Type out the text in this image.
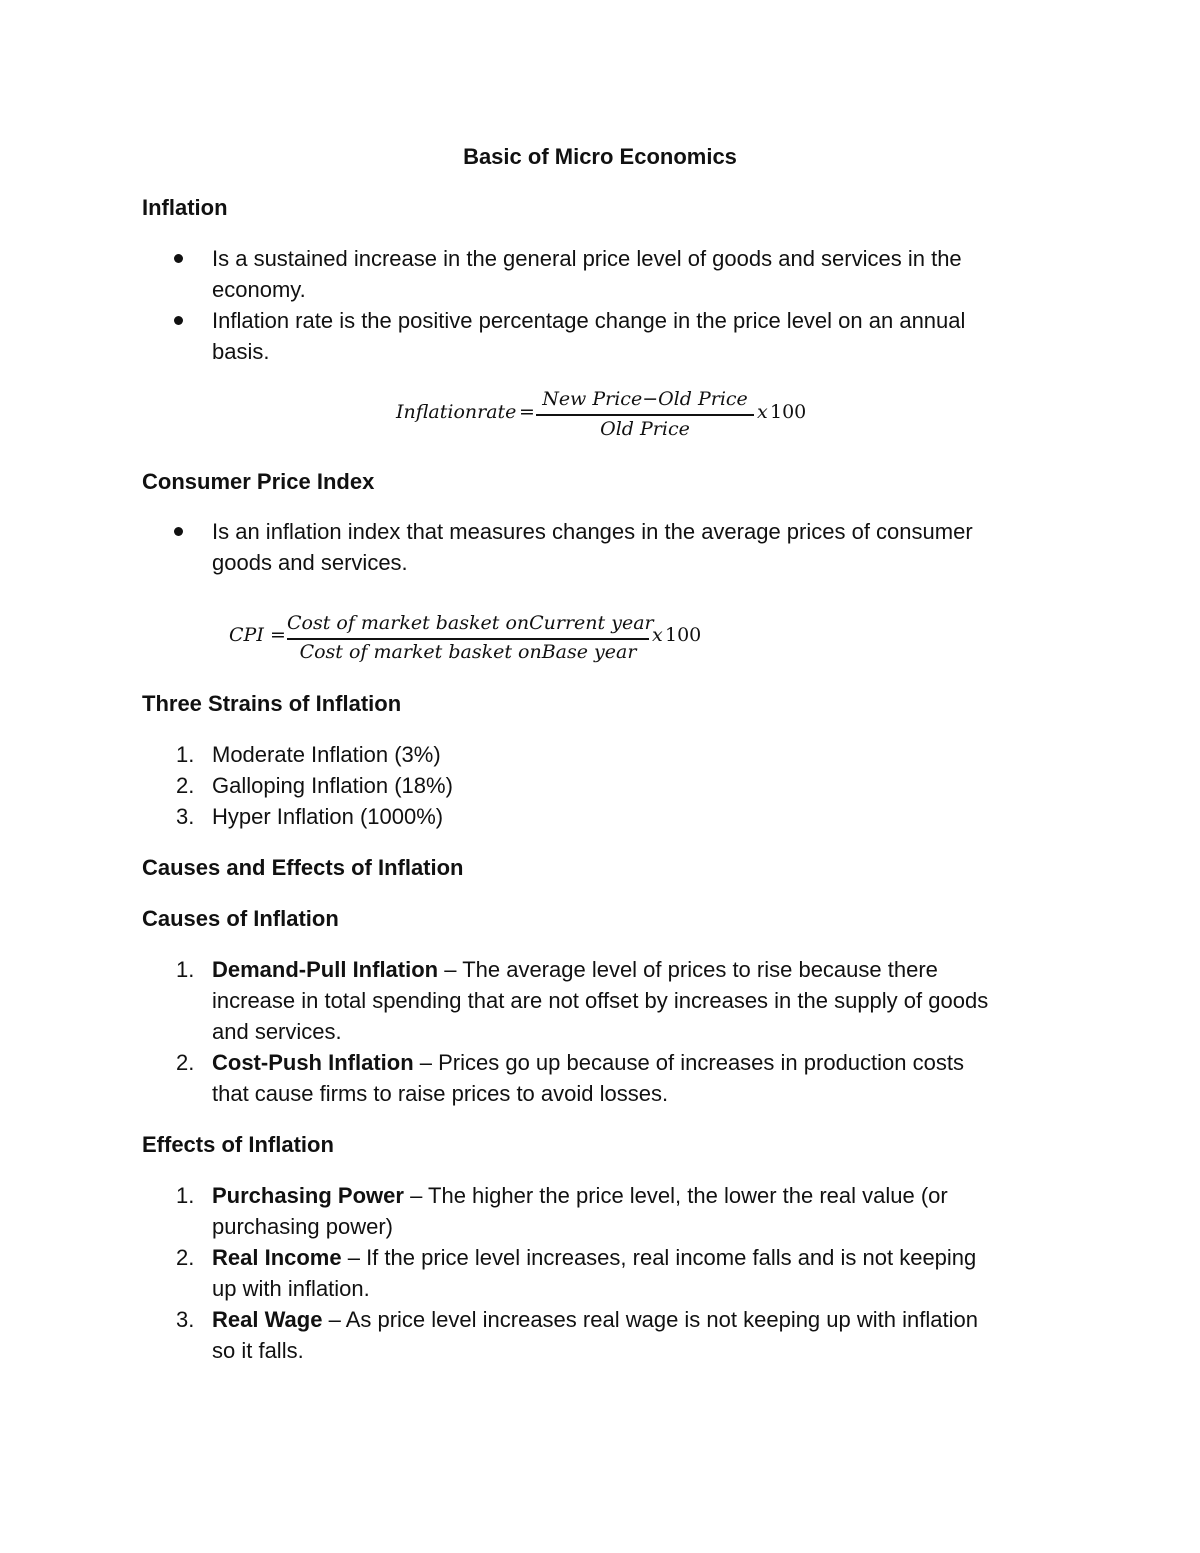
Basic of Micro Economics
Inflation
Is a sustained increase in the general price level of goods and services in the
economy.
Inflation rate is the positive percentage change in the price level on an annual
basis.
Inflationrate =
New Price−Old Price
Old Price
x 100
Consumer Price Index
Is an inflation index that measures changes in the average prices of consumer
goods and services.
CPI =
Cost of market basket onCurrent year
Cost of market basket onBase year
x 100
Three Strains of Inflation
1. Moderate Inflation (3%)
2. Galloping Inflation (18%)
3. Hyper Inflation (1000%)
Causes and Effects of Inflation
Causes of Inflation
1. Demand-Pull Inflation – The average level of prices to rise because there
increase in total spending that are not offset by increases in the supply of goods
and services.
2. Cost-Push Inflation – Prices go up because of increases in production costs
that cause firms to raise prices to avoid losses.
Effects of Inflation
1. Purchasing Power – The higher the price level, the lower the real value (or
purchasing power)
2. Real Income – If the price level increases, real income falls and is not keeping
up with inflation.
3. Real Wage – As price level increases real wage is not keeping up with inflation
so it falls.
